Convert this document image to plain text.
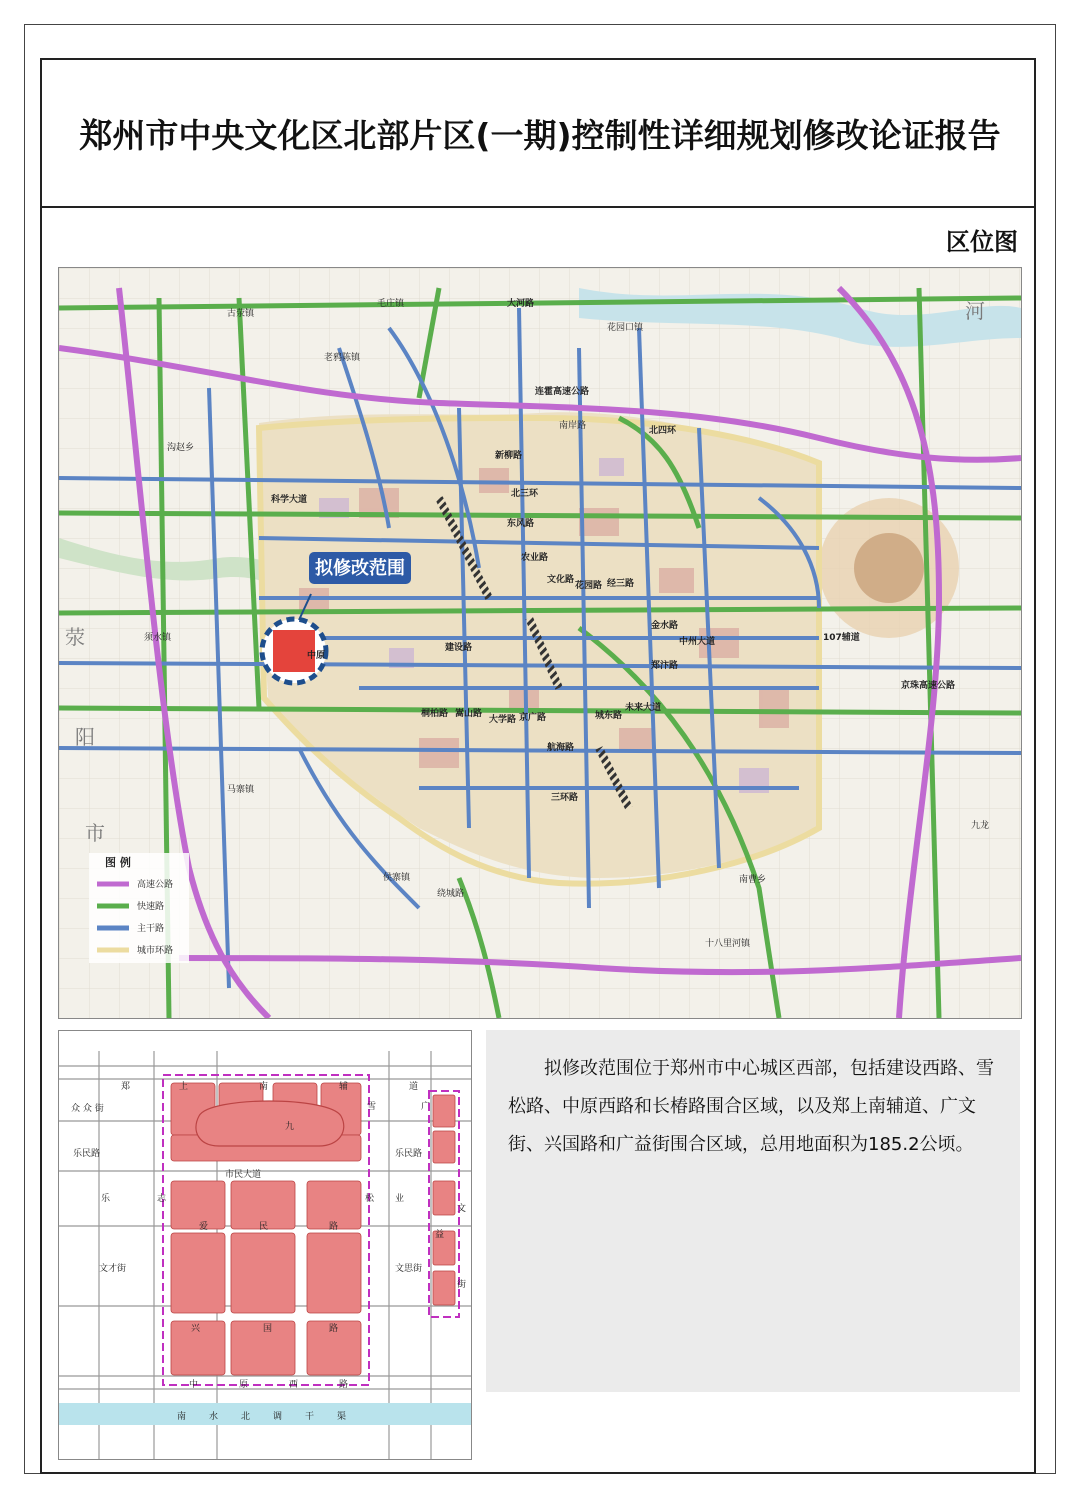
郑州市中央文化区北部片区(一期)控制性详细规划修改论证报告
区位图
拟修改范围
毛庄镇
古荥镇
老鸦陈镇
沟赵乡
须水镇
马寨镇
侯寨镇	南曹乡
十八里河镇
九龙
花园口镇
大河路
连霍高速公路
南岸路	北四环
新柳路
北三环
东风路
农业路
文化路
花园路 经三路
金水路
中州大道
郑汴路
107辅道
京珠高速公路
建设路
中原
桐柏路 嵩山路
大学路 京广路	城东路
航海路
未来大道
三环路
科学大道
绕城路
河
荥
阳
市
图 例
高速公路
快速路
主干路
城市环路
郑	上	南	辅	道
雪
九
市民大道
爱	民	路
兴	国	路
中	原	西	路
南	水	北	调	干	渠
众 众 街
乐民路	乐民路
文才街	文思街
志
乐	松 业
广
益
文
街

拟修改范围位于郑州市中心城区西部，包括建设西路、雪松路、中原西路和长椿路围合区域，以及郑上南辅道、广文街、兴国路和广益街围合区域，总用地面积为185.2公顷。
